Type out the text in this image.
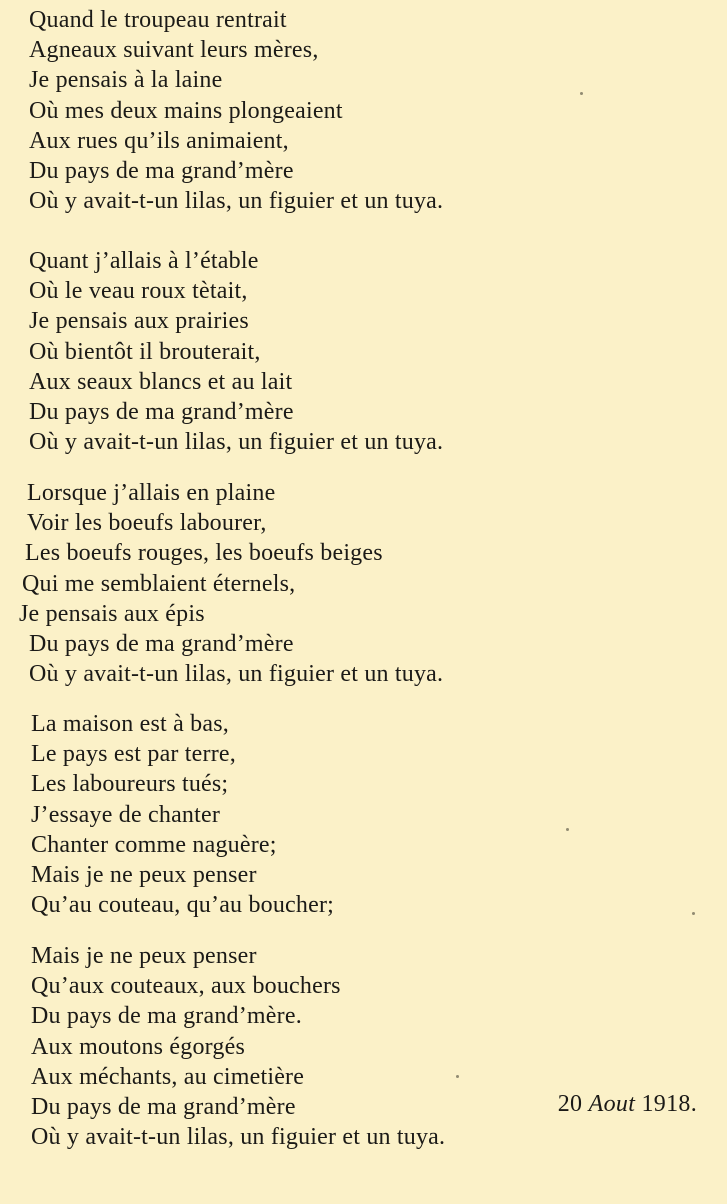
Quand le troupeau rentrait
Agneaux suivant leurs mères,
Je pensais à la laine
Où mes deux mains plongeaient
Aux rues qu’ils animaient,
Du pays de ma grand’mère
Où y avait-t-un lilas, un figuier et un tuya.
Quant j’allais à l’étable
Où le veau roux tètait,
Je pensais aux prairies
Où bientôt il brouterait,
Aux seaux blancs et au lait
Du pays de ma grand’mère
Où y avait-t-un lilas, un figuier et un tuya.
Lorsque j’allais en plaine
Voir les boeufs labourer,
Les boeufs rouges, les boeufs beiges
Qui me semblaient éternels,
Je pensais aux épis
Du pays de ma grand’mère
Où y avait-t-un lilas, un figuier et un tuya.
La maison est à bas,
Le pays est par terre,
Les laboureurs tués;
J’essaye de chanter
Chanter comme naguère;
Mais je ne peux penser
Qu’au couteau, qu’au boucher;
Mais je ne peux penser
Qu’aux couteaux, aux bouchers
Du pays de ma grand’mère.
Aux moutons égorgés
Aux méchants, au cimetière
Du pays de ma grand’mère
Où y avait-t-un lilas, un figuier et un tuya.
20 Aout 1918.
